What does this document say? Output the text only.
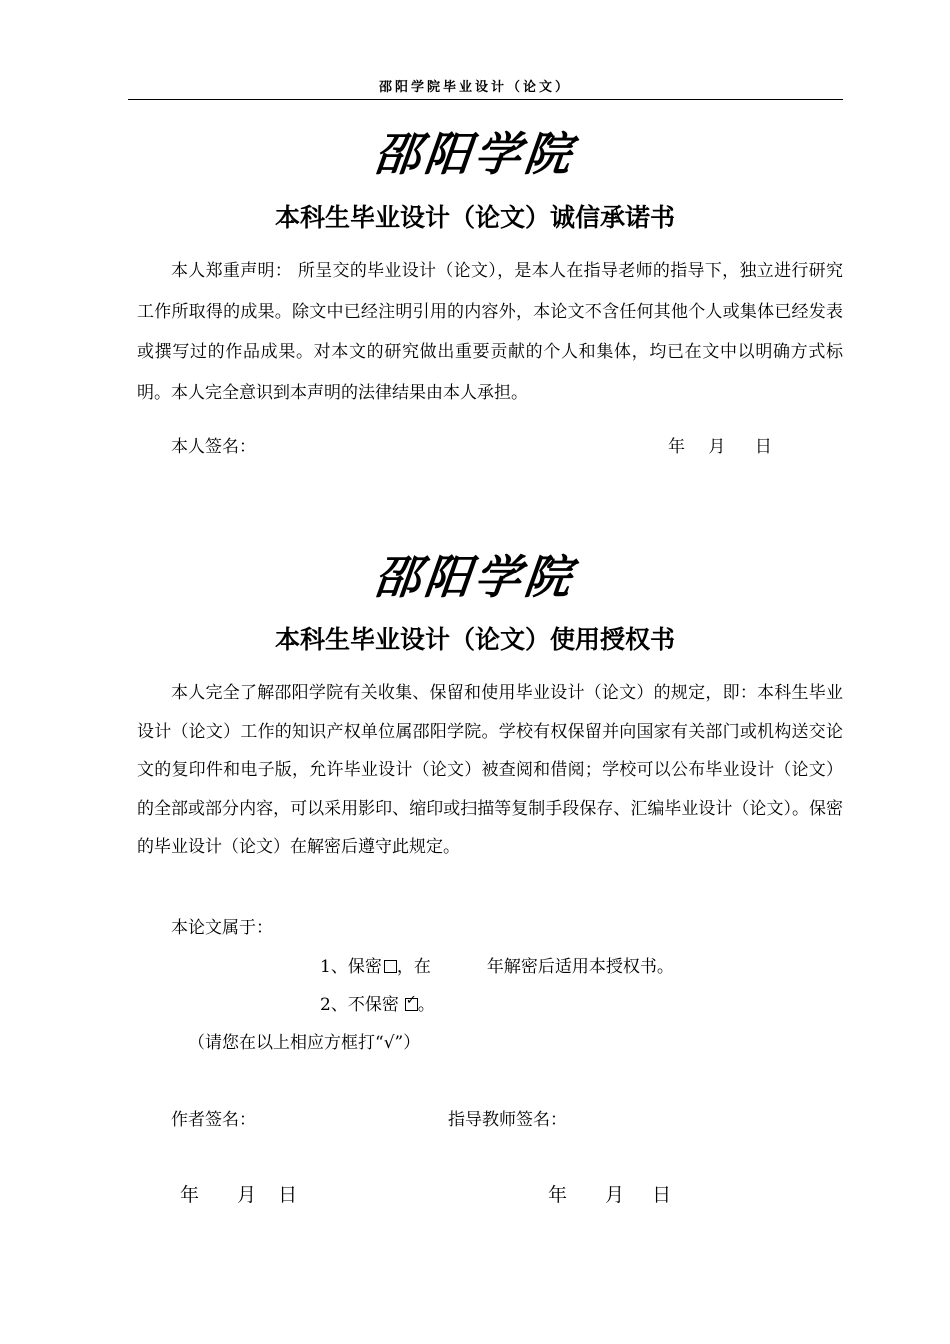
邵阳学院毕业设计（论文）
邵阳学院
本科生毕业设计（论文）诚信承诺书
本人郑重声明： 所呈交的毕业设计（论文），是本人在指导老师的指导下，独立进行研究工作所取得的成果。除文中已经注明引用的内容外，本论文不含任何其他个人或集体已经发表或撰写过的作品成果。对本文的研究做出重要贡献的个人和集体，均已在文中以明确方式标明。本人完全意识到本声明的法律结果由本人承担。
本人签名：	年 月 日
邵阳学院
本科生毕业设计（论文）使用授权书
本人完全了解邵阳学院有关收集、保留和使用毕业设计（论文）的规定，即：本科生毕业设计（论文）工作的知识产权单位属邵阳学院。学校有权保留并向国家有关部门或机构送交论文的复印件和电子版，允许毕业设计（论文）被查阅和借阅；学校可以公布毕业设计（论文）的全部或部分内容，可以采用影印、缩印或扫描等复制手段保存、汇编毕业设计（论文）。保密的毕业设计（论文）在解密后遵守此规定。
本论文属于：
1、保密 ，在	年解密后适用本授权书。
2、不保密 ✓ 。
（请您在以上相应方框打“√”）
作者签名：	指导教师签名：
年 月 日	年 月 日
